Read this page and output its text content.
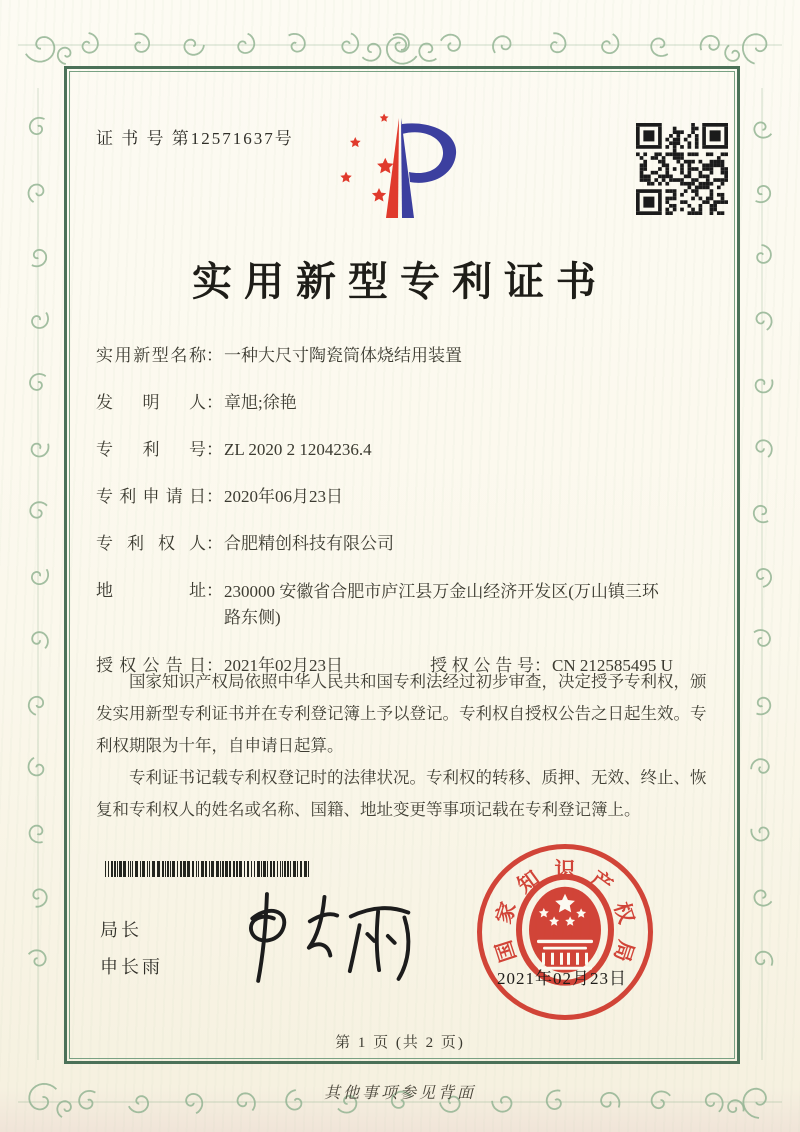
证 书 号 第12571637号
实用新型专利证书
实用新型名称 ： 一种大尺寸陶瓷筒体烧结用装置
发明人 ： 章旭;徐艳
专利号 ： ZL 2020 2 1204236.4
专利申请日 ： 2020年06月23日
专利权人 ： 合肥精创科技有限公司
地址 ： 230000 安徽省合肥市庐江县万金山经济开发区(万山镇三环路东侧)
授权公告日 ： 2021年02月23日	授权公告号 ： CN 212585495 U

国家知识产权局依照中华人民共和国专利法经过初步审查，决定授予专利权，颁发实用新型专利证书并在专利登记簿上予以登记。专利权自授权公告之日起生效。专利权期限为十年，自申请日起算。

专利证书记载专利权登记时的法律状况。专利权的转移、质押、无效、终止、恢复和专利权人的姓名或名称、国籍、地址变更等事项记载在专利登记簿上。

国
家
知 识 产
权
局
2021年02月23日
局长
申长雨
第 1 页 (共 2 页)
其他事项参见背面
